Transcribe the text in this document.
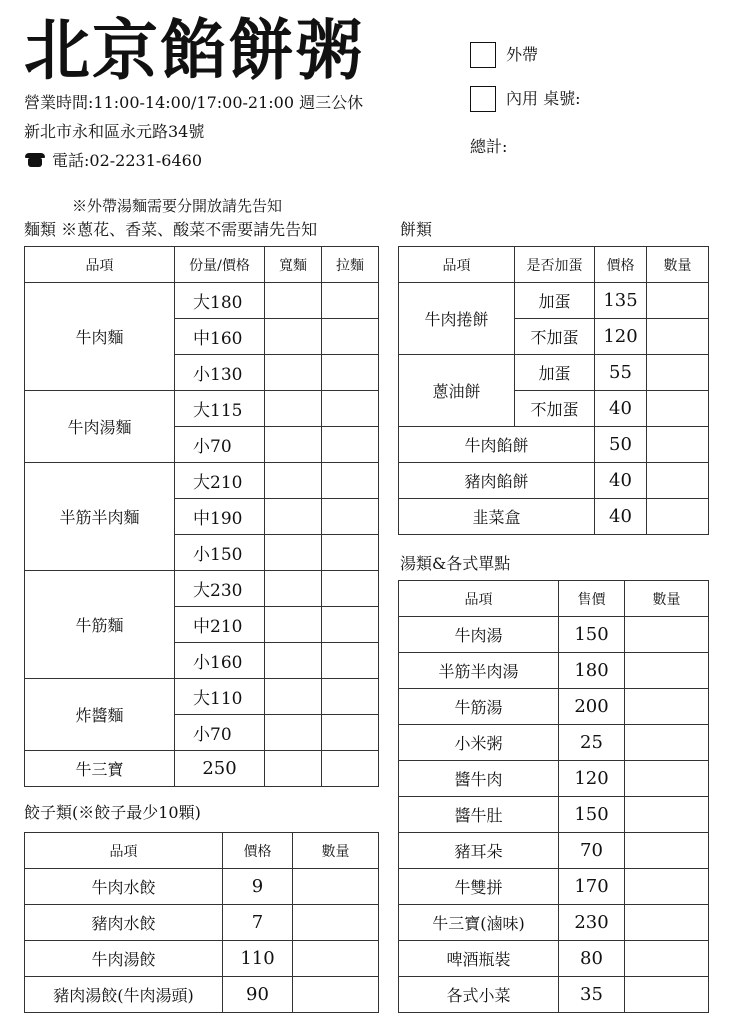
北京餡餅粥
營業時間:11:00-14:00/17:00-21:00 週三公休
新北市永和區永元路34號
電話:02-2231-6460
外帶
內用 桌號:
總計:
※外帶湯麵需要分開放請先告知
麵類 ※蔥花、香菜、酸菜不需要請先告知
品項	份量/價格	寬麵	拉麵
牛肉麵	大180		
	中160		
	小130		
牛肉湯麵	大115		
	小70		
半筋半肉麵	大210		
	中190		
	小150		
牛筋麵	大230		
	中210		
	小160		
炸醬麵	大110		
	小70		
牛三寶	250		
餃子類(※餃子最少10顆)
品項	價格	數量
牛肉水餃	9	
豬肉水餃	7	
牛肉湯餃	110	
豬肉湯餃(牛肉湯頭)	90	
餅類
品項	是否加蛋	價格	數量
牛肉捲餅	加蛋	135	
	不加蛋	120	
蔥油餅	加蛋	55	
	不加蛋	40	
牛肉餡餅		50	
豬肉餡餅		40	
韭菜盒		40	
湯類&各式單點
品項	售價	數量
牛肉湯	150	
半筋半肉湯	180	
牛筋湯	200	
小米粥	25	
醬牛肉	120	
醬牛肚	150	
豬耳朵	70	
牛雙拼	170	
牛三寶(滷味)	230	
啤酒瓶裝	80	
各式小菜	35	
